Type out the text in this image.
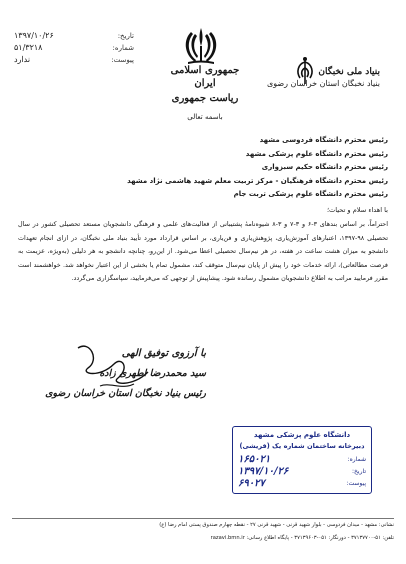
جمهوری اسلامی ایران
ریاست جمهوری
تاریخ:
۱۳۹۷/۱۰/۲۶
شماره:
۵۱/۳۲۱۸
پیوست:
ندارد
بنیاد ملی نخبگان
بنیاد نخبگان استان خراسان رضوی
باسمه تعالی
رئیس محترم دانشگاه فردوسی مشهد
رئیس محترم دانشگاه علوم پزشکی مشهد
رئیس محترم دانشگاه حکیم سبزواری
رئیس محترم دانشگاه فرهنگیان - مرکز تربیت معلم شهید هاشمی نژاد مشهد
رئیس محترم دانشگاه علوم پزشکی تربت جام
با اهداء سلام و تحیات؛
احتراماً، بر اساس بندهای ۳-۶ و ۳-۷ و ۳-۸ شیوه‌نامهٔ پشتیبانی از فعالیت‌های علمی و فرهنگی دانشجویان مستعد تحصیلی کشور در سال تحصیلی ۹۸-۱۳۹۷، اعتبارهای آموزش‌یاری، پژوهش‌یاری و فن‌یاری، بر اساس قرارداد مورد تأیید بنیاد ملی نخبگان، در ازای انجام تعهدات دانشجو به میزان هشت ساعت در هفته، در هر نیم‌سال تحصیلی اعطا می‌شود. از این‌رو، چنانچه دانشجو به هر دلیلی (به‌ویژه، عزیمت به فرصت مطالعاتی)، ارائه خدمات خود را پیش از پایان نیم‌سال متوقف کند، مشمول تمام یا بخشی از این اعتبار نخواهد شد. خواهشمند است مقرر فرمایید مراتب به اطلاع دانشجویان مشمول رسانده شود. پیشاپیش از توجهی که می‌فرمایید، سپاسگزاری می‌گردد.
با آرزوی توفیق الهی
سید محمدرضا اطهری زاده
رئیس بنیاد نخبگان استان خراسان رضوی
دانشگاه علوم پزشکی مشهد
دبیرخانه ساختمان شماره یک (قریشی)
شماره:
۱۶۵۰۲۱
تاریخ:
۱۳۹۷/۱۰/۲۶
پیوست:
۶۹۰۲۷
نشانی: مشهد - میدان فردوسی - بلوار شهید قرنی - شهید قرنی ۲۷ - نقطه چهارم صندوق پستی امام رضا (ع)
تلفن: ۵۱-۳۷۱۳۷۷۰۰ - دورنگار: ۰۵۱-۳۷۱۳۹۶۰۳ - پایگاه اطلاع رسانی: razavi.bmn.ir
